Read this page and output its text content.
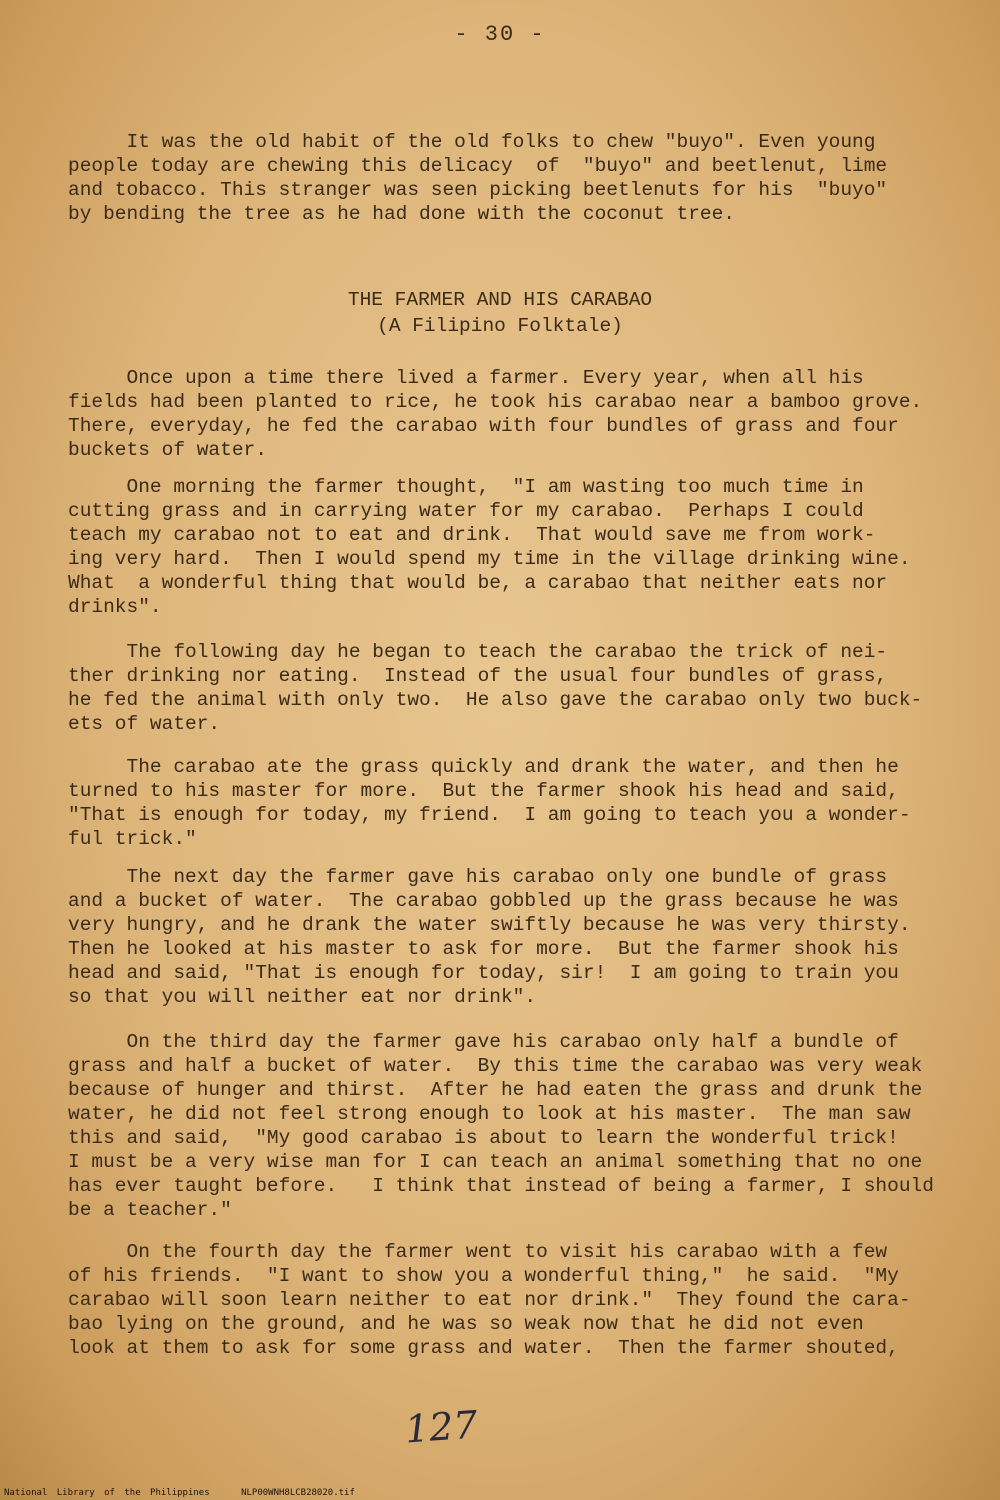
- 30 -
It was the old habit of the old folks to chew "buyo". Even young
people today are chewing this delicacy  of  "buyo" and beetlenut, lime
and tobacco. This stranger was seen picking beetlenuts for his  "buyo"
by bending the tree as he had done with the coconut tree.
THE FARMER AND HIS CARABAO
(A Filipino Folktale)
Once upon a time there lived a farmer. Every year, when all his
fields had been planted to rice, he took his carabao near a bamboo grove.
There, everyday, he fed the carabao with four bundles of grass and four
buckets of water.
One morning the farmer thought,  "I am wasting too much time in
cutting grass and in carrying water for my carabao.  Perhaps I could
teach my carabao not to eat and drink.  That would save me from work-
ing very hard.  Then I would spend my time in the village drinking wine.
What  a wonderful thing that would be, a carabao that neither eats nor
drinks".
The following day he began to teach the carabao the trick of nei-
ther drinking nor eating.  Instead of the usual four bundles of grass,
he fed the animal with only two.  He also gave the carabao only two buck-
ets of water.
The carabao ate the grass quickly and drank the water, and then he
turned to his master for more.  But the farmer shook his head and said,
"That is enough for today, my friend.  I am going to teach you a wonder-
ful trick."
The next day the farmer gave his carabao only one bundle of grass
and a bucket of water.  The carabao gobbled up the grass because he was
very hungry, and he drank the water swiftly because he was very thirsty.
Then he looked at his master to ask for more.  But the farmer shook his
head and said, "That is enough for today, sir!  I am going to train you
so that you will neither eat nor drink".
On the third day the farmer gave his carabao only half a bundle of
grass and half a bucket of water.  By this time the carabao was very weak
because of hunger and thirst.  After he had eaten the grass and drunk the
water, he did not feel strong enough to look at his master.  The man saw
this and said,  "My good carabao is about to learn the wonderful trick!
I must be a very wise man for I can teach an animal something that no one
has ever taught before.   I think that instead of being a farmer, I should
be a teacher."
On the fourth day the farmer went to visit his carabao with a few
of his friends.  "I want to show you a wonderful thing,"  he said.  "My
carabao will soon learn neither to eat nor drink."  They found the cara-
bao lying on the ground, and he was so weak now that he did not even
look at them to ask for some grass and water.  Then the farmer shouted,
127
National Library of the Philippines	NLP00WNH8LCB28020.tif
